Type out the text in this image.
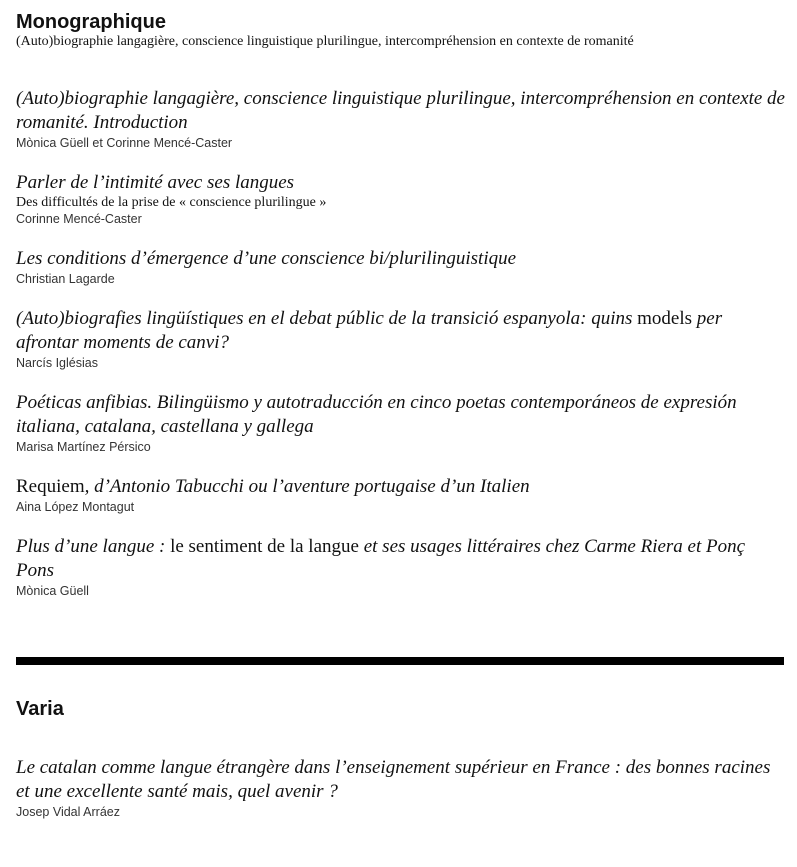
Monographique

(Auto)biographie langagière, conscience linguistique plurilingue, intercompréhension en contexte de romanité

(Auto)biographie langagière, conscience linguistique plurilingue, intercompréhension en contexte de romanité. Introduction

Mònica Güell et Corinne Mencé-Caster

Parler de l’intimité avec ses langues

Des difficultés de la prise de « conscience plurilingue »

Corinne Mencé-Caster

Les conditions d’émergence d’une conscience bi/plurilinguistique

Christian Lagarde

(Auto)biografies lingüístiques en el debat públic de la transició espanyola: quins models per afrontar moments de canvi?

Narcís Iglésias

Poéticas anfibias. Bilingüismo y autotraducción en cinco poetas contemporáneos de expresión italiana, catalana, castellana y gallega

Marisa Martínez Pérsico

Requiem, d’Antonio Tabucchi ou l’aventure portugaise d’un Italien

Aina López Montagut

Plus d’une langue : le sentiment de la langue et ses usages littéraires chez Carme Riera et Ponç Pons

Mònica Güell

Varia
Le catalan comme langue étrangère dans l’enseignement supérieur en France : des bonnes racines et une excellente santé mais, quel avenir ?

Josep Vidal Arráez
